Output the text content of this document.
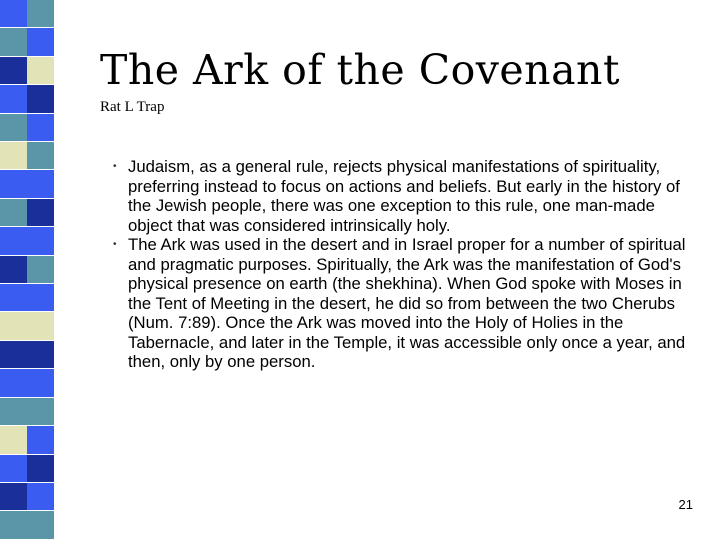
The Ark of the Covenant
Rat L Trap
• Judaism, as a general rule, rejects physical manifestations of spirituality, preferring instead to focus on actions and beliefs. But early in the history of the Jewish people, there was one exception to this rule, one man-made object that was considered intrinsically holy.
• The Ark was used in the desert and in Israel proper for a number of spiritual and pragmatic purposes. Spiritually, the Ark was the manifestation of God's physical presence on earth (the shekhina). When God spoke with Moses in the Tent of Meeting in the desert, he did so from between the two Cherubs (Num. 7:89). Once the Ark was moved into the Holy of Holies in the Tabernacle, and later in the Temple, it was accessible only once a year, and then, only by one person.
21
